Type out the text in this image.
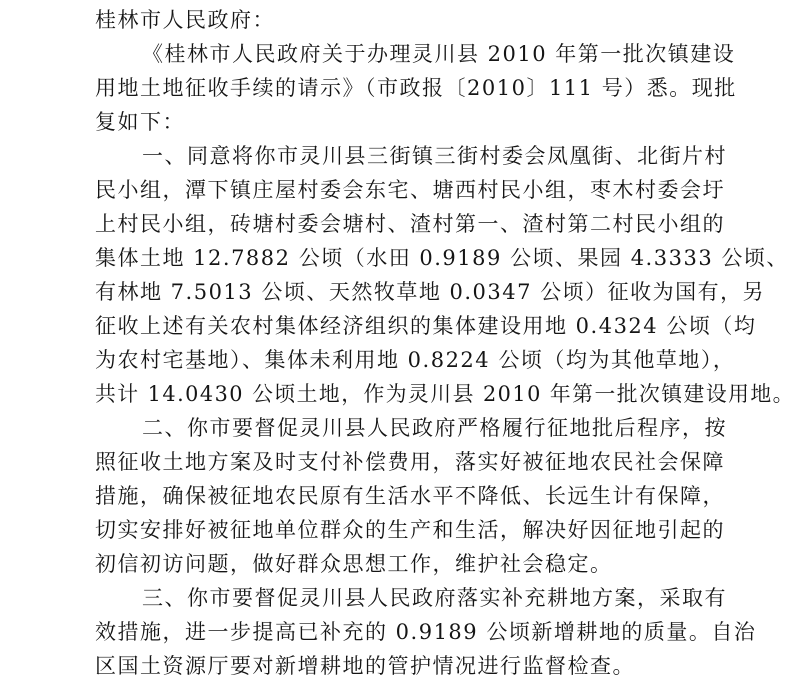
桂林市人民政府：
《桂林市人民政府关于办理灵川县 2010 年第一批次镇建设
用地土地征收手续的请示》（市政报〔2010〕111 号）悉。现批
复如下：
一、同意将你市灵川县三街镇三街村委会凤凰街、北街片村
民小组，潭下镇庄屋村委会东宅、塘西村民小组，枣木村委会圩
上村民小组，砖塘村委会塘村、渣村第一、渣村第二村民小组的
集体土地 12.7882 公顷（水田 0.9189 公顷、果园 4.3333 公顷、
有林地 7.5013 公顷、天然牧草地 0.0347 公顷）征收为国有，另
征收上述有关农村集体经济组织的集体建设用地 0.4324 公顷（均
为农村宅基地）、集体未利用地 0.8224 公顷（均为其他草地），
共计 14.0430 公顷土地，作为灵川县 2010 年第一批次镇建设用地。
二、你市要督促灵川县人民政府严格履行征地批后程序，按
照征收土地方案及时支付补偿费用，落实好被征地农民社会保障
措施，确保被征地农民原有生活水平不降低、长远生计有保障，
切实安排好被征地单位群众的生产和生活，解决好因征地引起的
初信初访问题，做好群众思想工作，维护社会稳定。
三、你市要督促灵川县人民政府落实补充耕地方案，采取有
效措施，进一步提高已补充的 0.9189 公顷新增耕地的质量。自治
区国土资源厅要对新增耕地的管护情况进行监督检查。
